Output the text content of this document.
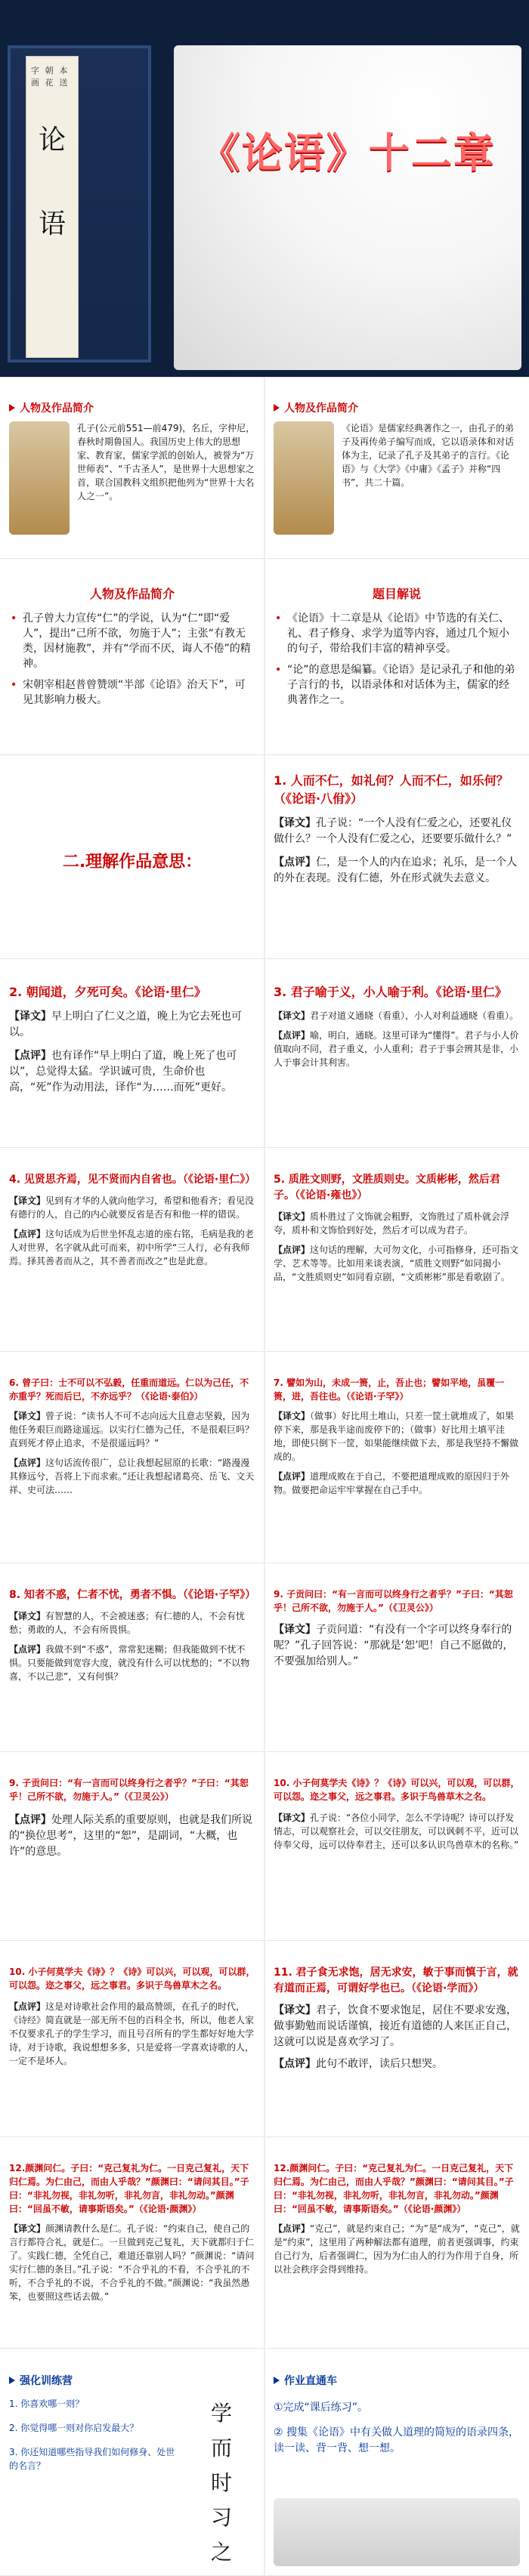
字画
朝花
本送
论
语
《论语》十二章
人物及作品简介
孔子(公元前551—前479)，名丘，字仲尼，春秋时期鲁国人。我国历史上伟大的思想家、教育家，儒家学派的创始人，被誉为“万世师表”、“千古圣人”，是世界十大思想家之首，联合国教科文组织把他列为“世界十大名人之一”。
人物及作品简介
《论语》是儒家经典著作之一，由孔子的弟子及再传弟子编写而成，它以语录体和对话体为主，记录了孔子及其弟子的言行。《论语》与《大学》《中庸》《孟子》并称“四书”，共二十篇。
人物及作品简介
• 孔子曾大力宣传“仁”的学说，认为“仁”即“爱人”，提出“己所不欲，勿施于人”；主张“有教无类，因材施教”，并有“学而不厌，诲人不倦”的精神。
• 宋朝宰相赵普曾赞颂“半部《论语》治天下”，可见其影响力极大。
题目解说
• 《论语》十二章是从《论语》中节选的有关仁、礼、君子修身、求学为道等内容，通过几个短小的句子，带给我们丰富的精神享受。
• “论”的意思是编纂。《论语》是记录孔子和他的弟子言行的书，以语录体和对话体为主，儒家的经典著作之一。
二.理解作品意思：
1. 人而不仁，如礼何？人而不仁，如乐何？（《论语·八佾》）
【译文】孔子说：“一个人没有仁爱之心，还要礼仪做什么？一个人没有仁爱之心，还要要乐做什么？”
【点评】仁，是一个人的内在追求；礼乐，是一个人的外在表现。没有仁德，外在形式就失去意义。
2. 朝闻道，夕死可矣。《论语·里仁》
【译文】早上明白了仁义之道，晚上为它去死也可以。
【点评】也有译作“早上明白了道，晚上死了也可以”，总觉得太猛。学识诚可贵，生命价也高，“死”作为动用法，译作“为……而死”更好。
3. 君子喻于义，小人喻于利。《论语·里仁》
【译文】君子对道义通晓（看重），小人对利益通晓（看重）。
【点评】喻，明白，通晓。这里可译为“懂得”。君子与小人价值取向不同，君子重义，小人重利；君子于事会辨其是非，小人于事会计其利害。
4. 见贤思齐焉，见不贤而内自省也。（《论语·里仁》）
【译文】见到有才华的人就向他学习，希望和他看齐；看见没有德行的人，自己的内心就要反省是否有和他一样的错误。
【点评】这句话成为后世坐怀乱志道的座右铭，毛病是我的老人对世界，名字就从此可而来，初中所学“三人行，必有我师焉。择其善者而从之，其不善者而改之”也是此意。
5. 质胜文则野，文胜质则史。文质彬彬，然后君子。（《论语·雍也》）
【译文】质朴胜过了文饰就会粗野，文饰胜过了质朴就会浮夸，质朴和文饰恰到好处，然后才可以成为君子。
【点评】这句话的理解，大可勿文化，小可指修身，还可指文学、艺术等等。比如用来谈表演，“质胜文则野”如同揭小品，“文胜质则史”如同看京剧，“文质彬彬”那是看歌剧了。
6. 曾子曰：士不可以不弘毅，任重而道远。仁以为己任，不亦重乎？死而后已，不亦远乎？（《论语·泰伯》）
【译文】曾子说：“读书人不可不志向远大且意志坚毅，因为他任务艰巨而路途遥远。以实行仁德为己任，不是很艰巨吗？直到死才停止追求，不是很遥远吗？”
【点评】这句话流传很广，总让我想起屈原的长歌：“路漫漫其修远兮，吾将上下而求索。”还让我想起诸葛亮、岳飞、文天祥、史可法……
7. 譬如为山，未成一篑，止，吾止也；譬如平地，虽覆一篑，进，吾往也。（《论语·子罕》）
【译文】（做事）好比用土堆山，只差一筐土就堆成了，如果停下来，那是我半途而废停下的；（做事）好比用土填平洼地，即使只倒下一筐，如果能继续做下去，那是我坚持不懈做成的。
【点评】道理成败在于自己，不要把道理成败的原因归于外物。做要把命运牢牢掌握在自己手中。
8. 知者不惑，仁者不忧，勇者不惧。（《论语·子罕》）
【译文】有智慧的人，不会被迷惑；有仁德的人，不会有忧愁；勇敢的人，不会有所畏惧。
【点评】我做不到“不惑”，常常犯迷糊；但我能做到不忧不惧。只要能做到宽容大度，就没有什么可以忧愁的；“不以物喜，不以己悲”，又有何惧？
9. 子贡问曰：“有一言而可以终身行之者乎？”子曰：“其恕乎！己所不欲，勿施于人。”（《卫灵公》）
【译文】子贡问道：“有没有一个字可以终身奉行的呢？”孔子回答说：“那就是‘恕’吧！自己不愿做的，不要强加给别人。”
9. 子贡问曰：“有一言而可以终身行之者乎？”子曰：“其恕乎！己所不欲，勿施于人。”（《卫灵公》）
【点评】处理人际关系的重要原则，也就是我们所说的“换位思考”，这里的“恕”，是副词，“大概，也许”的意思。
10. 小子何莫学夫《诗》？《诗》可以兴，可以观，可以群，可以怨。迩之事父，远之事君。多识于鸟兽草木之名。
【译文】孔子说：“各位小同学，怎么不学诗呢？诗可以抒发情志，可以观察社会，可以交往朋友，可以讽刺不平，近可以侍奉父母，远可以侍奉君主，还可以多认识鸟兽草木的名称。”
10. 小子何莫学夫《诗》？《诗》可以兴，可以观，可以群，可以怨。迩之事父，远之事君。多识于鸟兽草木之名。
【点评】这是对诗歌社会作用的最高赞颂，在孔子的时代，《诗经》简直就是一部无所不包的百科全书，所以，他老人家不仅要求孔子的学生学习，而且号召所有的学生都好好地大学诗，对于诗歌，我说想想多多，只是爱将一学喜欢诗歌的人，一定不是坏人。
11. 君子食无求饱，居无求安，敏于事而慎于言，就有道而正焉，可谓好学也已。（《论语·学而》）
【译文】君子，饮食不要求饱足，居住不要求安逸，做事勤勉而说话谨慎，接近有道德的人来匡正自己，这就可以说是喜欢学习了。
【点评】此句不敢评，读后只想哭。
12.颜渊问仁。子曰：“克己复礼为仁。一日克己复礼，天下归仁焉。为仁由己，而由人乎哉？”颜渊曰：“请问其目。”子曰：“非礼勿视，非礼勿听，非礼勿言，非礼勿动。”颜渊曰：“回虽不敏，请事斯语矣。”（《论语·颜渊》）
【译文】颜渊请教什么是仁。孔子说：“约束自己，使自己的言行都符合礼，就是仁。一旦做到克己复礼，天下就都归于仁了。实践仁德，全凭自己，难道还靠别人吗？”颜渊说：“请问实行仁德的条目。”孔子说：“不合乎礼的不看，不合乎礼的不听，不合乎礼的不说，不合乎礼的不做。”颜渊说：“我虽然愚笨，也要照这些话去做。”
12.颜渊问仁。子曰：“克己复礼为仁。一日克己复礼，天下归仁焉。为仁由己，而由人乎哉？”颜渊曰：“请问其目。”子曰：“非礼勿视，非礼勿听，非礼勿言，非礼勿动。”颜渊曰：“回虽不敏，请事斯语矣。”（《论语·颜渊》）
【点评】“克己”，就是约束自己；“为”是“成为”，“克己”，就是“约束”，这里用了两种解法都有道理，前者更强调事，约束自己行为，后者强调仁，因为为仁由人的行为作用于自身，所以社会秩序会得到维持。
强化训练营
1. 你喜欢哪一则？
2. 你觉得哪一则对你启发最大？
3. 你还知道哪些指导我们如何修身、处世的名言？
学
而
时
习
之
作业直通车
①完成“课后练习”。
② 搜集《论语》中有关做人道理的简短的语录四条，读一读、背一背、想一想。
